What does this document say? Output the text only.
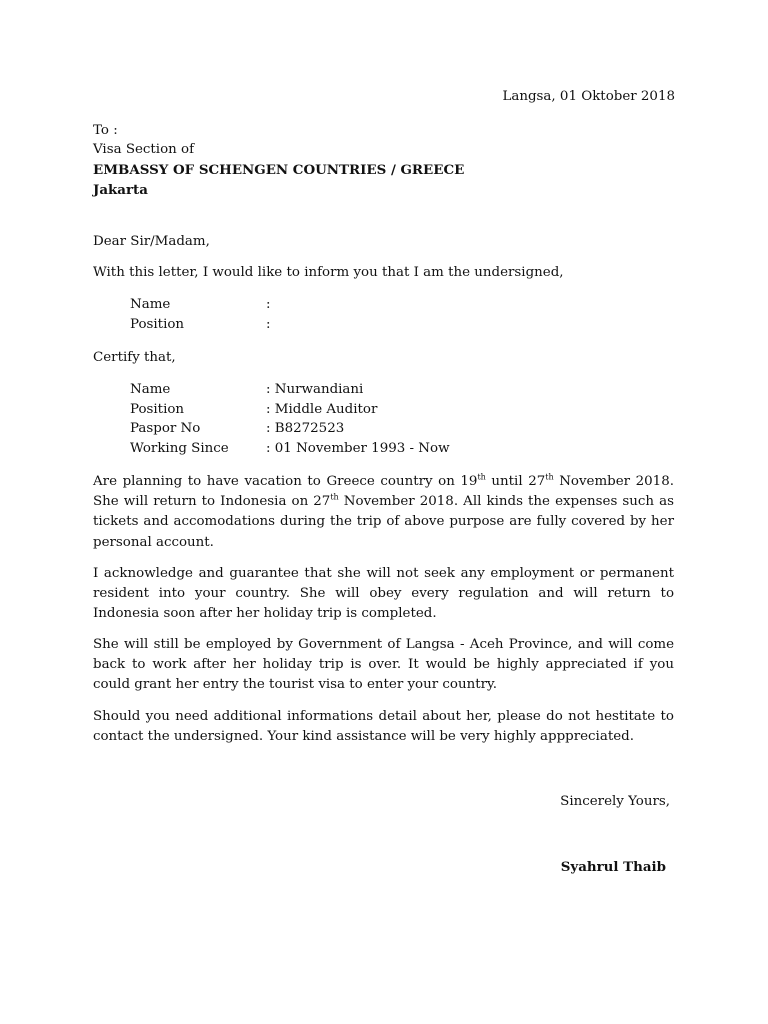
Langsa, 01 Oktober 2018
To :
Visa Section of
EMBASSY OF SCHENGEN COUNTRIES / GREECE
Jakarta
Dear Sir/Madam,
With this letter, I would like to inform you that I am the undersigned,
Name	:
Position	:
Certify that,
Name	: Nurwandiani
Position	: Middle Auditor
Paspor No	: B8272523
Working Since	: 01 November 1993 - Now
Are planning to have vacation to Greece country on 19th until 27th November 2018. She will return to Indonesia on 27th November 2018. All kinds the expenses such as tickets and accomodations during the trip of above purpose are fully covered by her personal account.
I acknowledge and guarantee that she will not seek any employment or permanent resident into your country. She will obey every regulation and will return to Indonesia soon after her holiday trip is completed.
She will still be employed by Government of Langsa - Aceh Province, and will come back to work after her holiday trip is over. It would be highly appreciated if you could grant her entry the tourist visa to enter your country.
Should you need additional informations detail about her, please do not hestitate to contact the undersigned. Your kind assistance will be very highly apppreciated.
Sincerely Yours,
Syahrul Thaib
